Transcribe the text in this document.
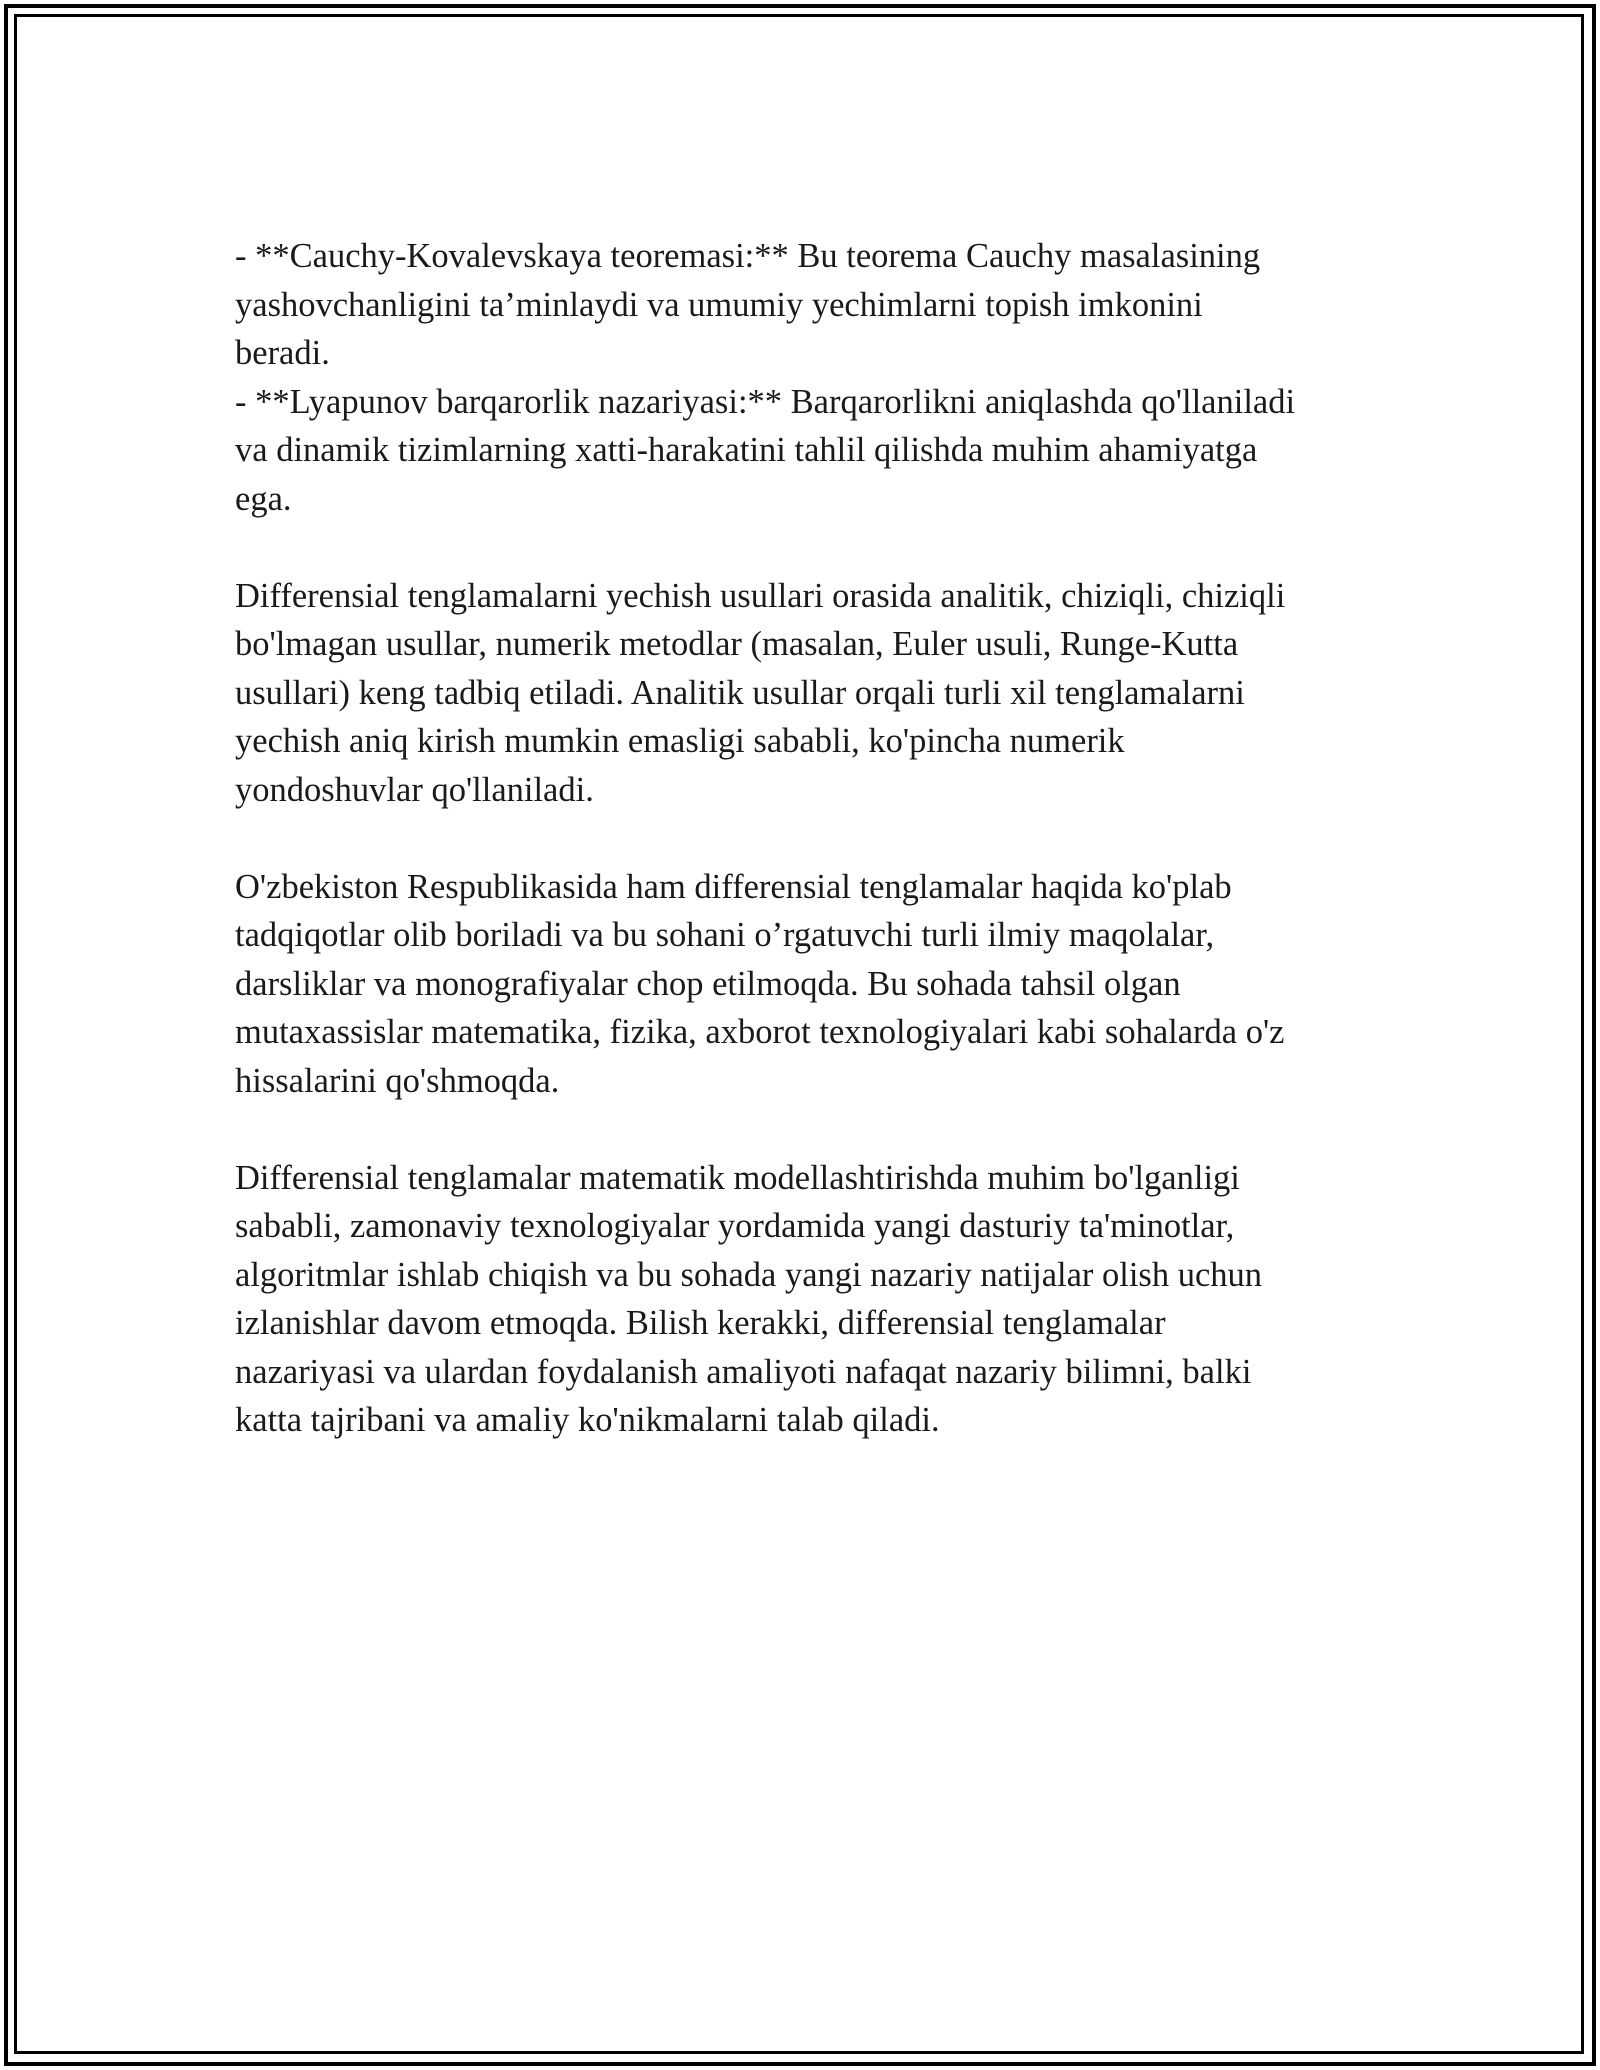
- **Cauchy-Kovalevskaya teoremasi:** Bu teorema Cauchy masalasining
yashovchanligini ta’minlaydi va umumiy yechimlarni topish imkonini
beradi.
- **Lyapunov barqarorlik nazariyasi:** Barqarorlikni aniqlashda qo'llaniladi
va dinamik tizimlarning xatti-harakatini tahlil qilishda muhim ahamiyatga
ega.
Differensial tenglamalarni yechish usullari orasida analitik, chiziqli, chiziqli
bo'lmagan usullar, numerik metodlar (masalan, Euler usuli, Runge-Kutta
usullari) keng tadbiq etiladi. Analitik usullar orqali turli xil tenglamalarni
yechish aniq kirish mumkin emasligi sababli, ko'pincha numerik
yondoshuvlar qo'llaniladi.
O'zbekiston Respublikasida ham differensial tenglamalar haqida ko'plab
tadqiqotlar olib boriladi va bu sohani o’rgatuvchi turli ilmiy maqolalar,
darsliklar va monografiyalar chop etilmoqda. Bu sohada tahsil olgan
mutaxassislar matematika, fizika, axborot texnologiyalari kabi sohalarda o'z
hissalarini qo'shmoqda.
Differensial tenglamalar matematik modellashtirishda muhim bo'lganligi
sababli, zamonaviy texnologiyalar yordamida yangi dasturiy ta'minotlar,
algoritmlar ishlab chiqish va bu sohada yangi nazariy natijalar olish uchun
izlanishlar davom etmoqda. Bilish kerakki, differensial tenglamalar
nazariyasi va ulardan foydalanish amaliyoti nafaqat nazariy bilimni, balki
katta tajribani va amaliy ko'nikmalarni talab qiladi.
